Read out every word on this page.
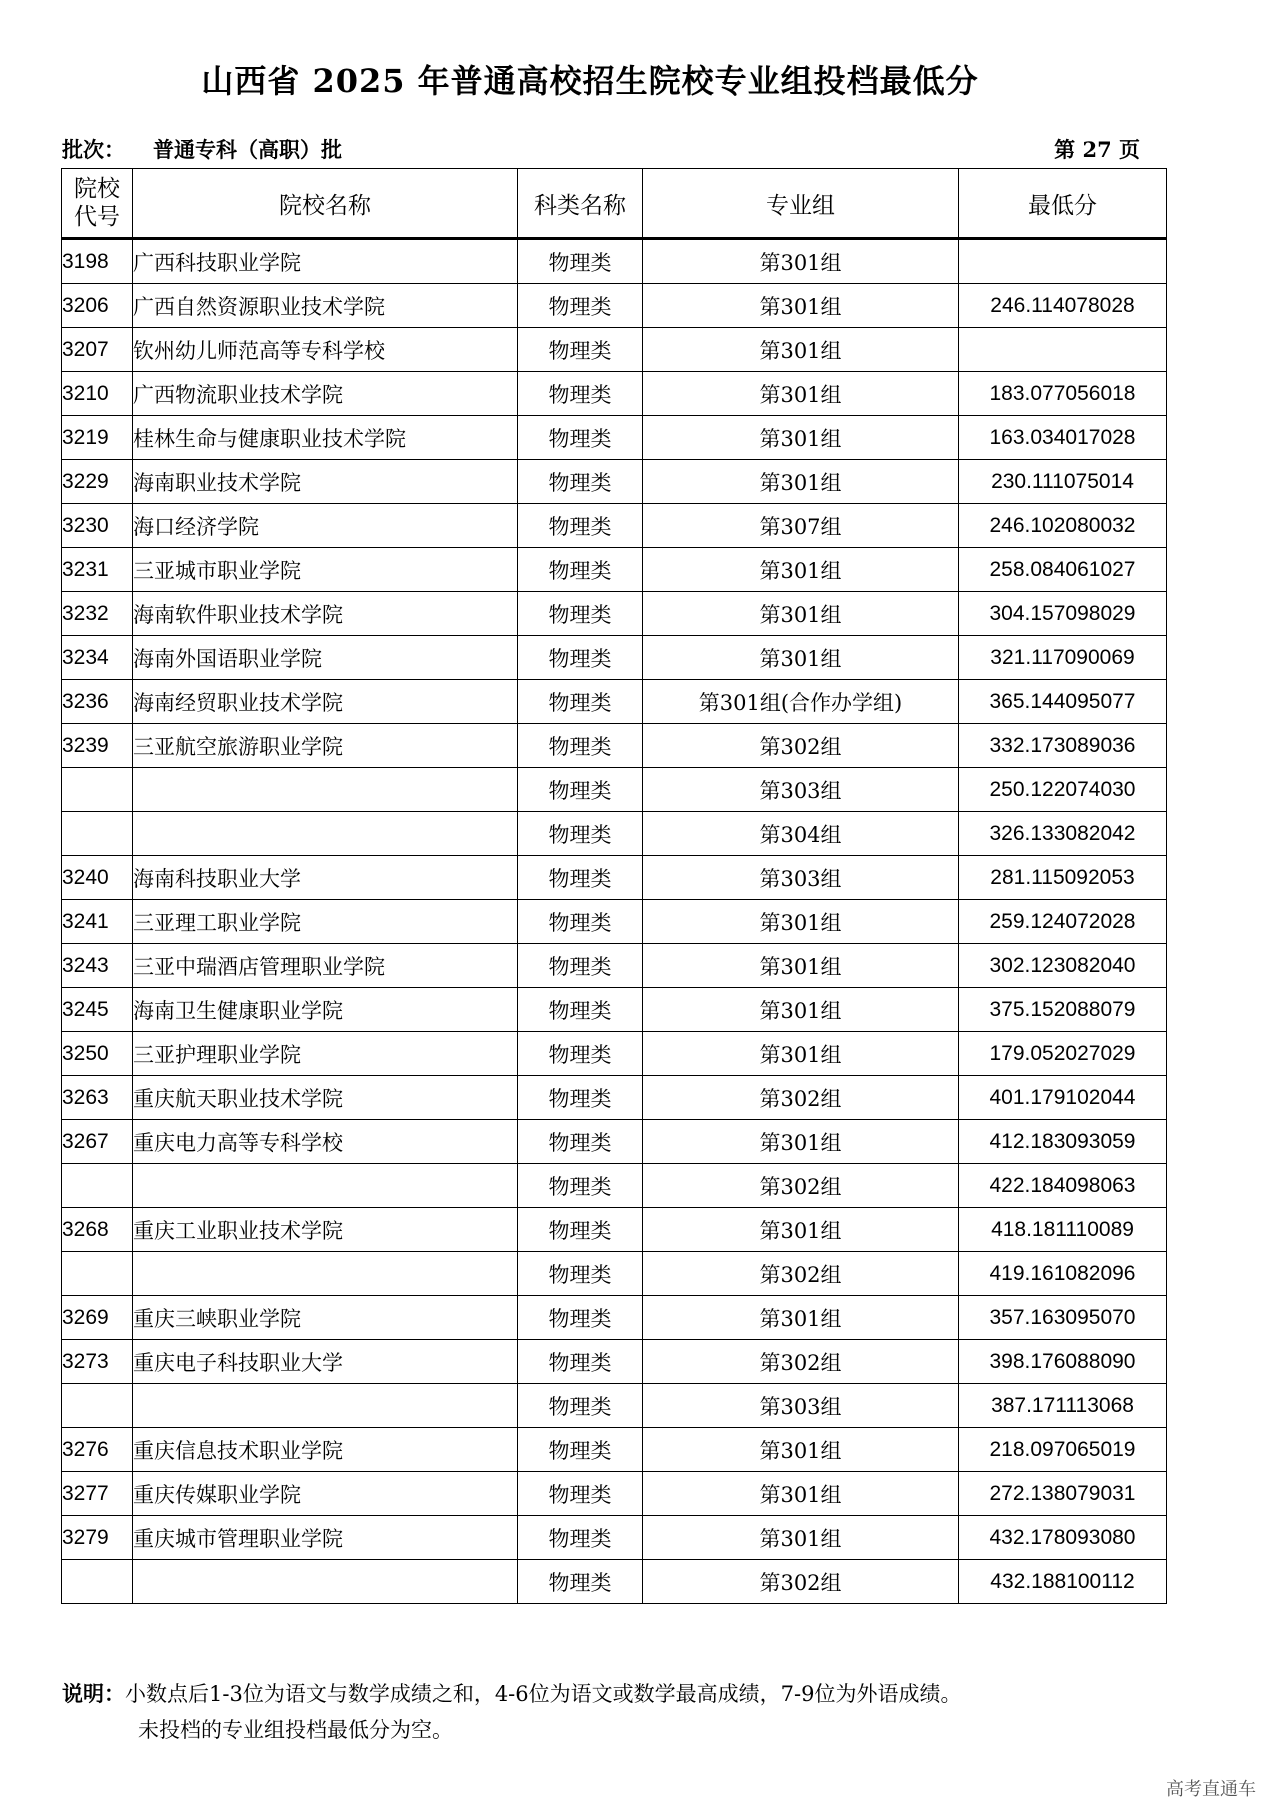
山西省 2025 年普通高校招生院校专业组投档最低分
批次： 普通专科（高职）批	第 27 页
院校代号	院校名称	科类名称	专业组	最低分
3198	广西科技职业学院	物理类	第301组	
3206	广西自然资源职业技术学院	物理类	第301组	246.114078028
3207	钦州幼儿师范高等专科学校	物理类	第301组	
3210	广西物流职业技术学院	物理类	第301组	183.077056018
3219	桂林生命与健康职业技术学院	物理类	第301组	163.034017028
3229	海南职业技术学院	物理类	第301组	230.111075014
3230	海口经济学院	物理类	第307组	246.102080032
3231	三亚城市职业学院	物理类	第301组	258.084061027
3232	海南软件职业技术学院	物理类	第301组	304.157098029
3234	海南外国语职业学院	物理类	第301组	321.117090069
3236	海南经贸职业技术学院	物理类	第301组(合作办学组)	365.144095077
3239	三亚航空旅游职业学院	物理类	第302组	332.173089036
		物理类	第303组	250.122074030
		物理类	第304组	326.133082042
3240	海南科技职业大学	物理类	第303组	281.115092053
3241	三亚理工职业学院	物理类	第301组	259.124072028
3243	三亚中瑞酒店管理职业学院	物理类	第301组	302.123082040
3245	海南卫生健康职业学院	物理类	第301组	375.152088079
3250	三亚护理职业学院	物理类	第301组	179.052027029
3263	重庆航天职业技术学院	物理类	第302组	401.179102044
3267	重庆电力高等专科学校	物理类	第301组	412.183093059
		物理类	第302组	422.184098063
3268	重庆工业职业技术学院	物理类	第301组	418.181110089
		物理类	第302组	419.161082096
3269	重庆三峡职业学院	物理类	第301组	357.163095070
3273	重庆电子科技职业大学	物理类	第302组	398.176088090
		物理类	第303组	387.171113068
3276	重庆信息技术职业学院	物理类	第301组	218.097065019
3277	重庆传媒职业学院	物理类	第301组	272.138079031
3279	重庆城市管理职业学院	物理类	第301组	432.178093080
		物理类	第302组	432.188100112
说明：小数点后1-3位为语文与数学成绩之和，4-6位为语文或数学最高成绩，7-9位为外语成绩。
未投档的专业组投档最低分为空。
高考直通车
